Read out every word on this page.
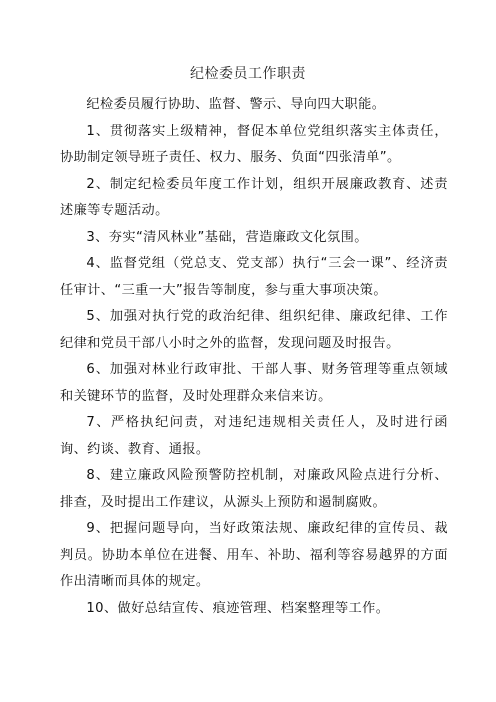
纪检委员工作职责

纪检委员履行协助、监督、警示、导向四大职能。

1、贯彻落实上级精神，督促本单位党组织落实主体责任，协助制定领导班子责任、权力、服务、负面“四张清单”。

2、制定纪检委员年度工作计划，组织开展廉政教育、述责述廉等专题活动。

3、夯实“清风林业”基础，营造廉政文化氛围。

4、监督党组（党总支、党支部）执行“三会一课”、经济责任审计、“三重一大”报告等制度，参与重大事项决策。

5、加强对执行党的政治纪律、组织纪律、廉政纪律、工作纪律和党员干部八小时之外的监督，发现问题及时报告。

6、加强对林业行政审批、干部人事、财务管理等重点领域和关键环节的监督，及时处理群众来信来访。

7、严格执纪问责，对违纪违规相关责任人，及时进行函询、约谈、教育、通报。

8、建立廉政风险预警防控机制，对廉政风险点进行分析、排查，及时提出工作建议，从源头上预防和遏制腐败。

9、把握问题导向，当好政策法规、廉政纪律的宣传员、裁判员。协助本单位在进餐、用车、补助、福利等容易越界的方面作出清晰而具体的规定。

10、做好总结宣传、痕迹管理、档案整理等工作。
